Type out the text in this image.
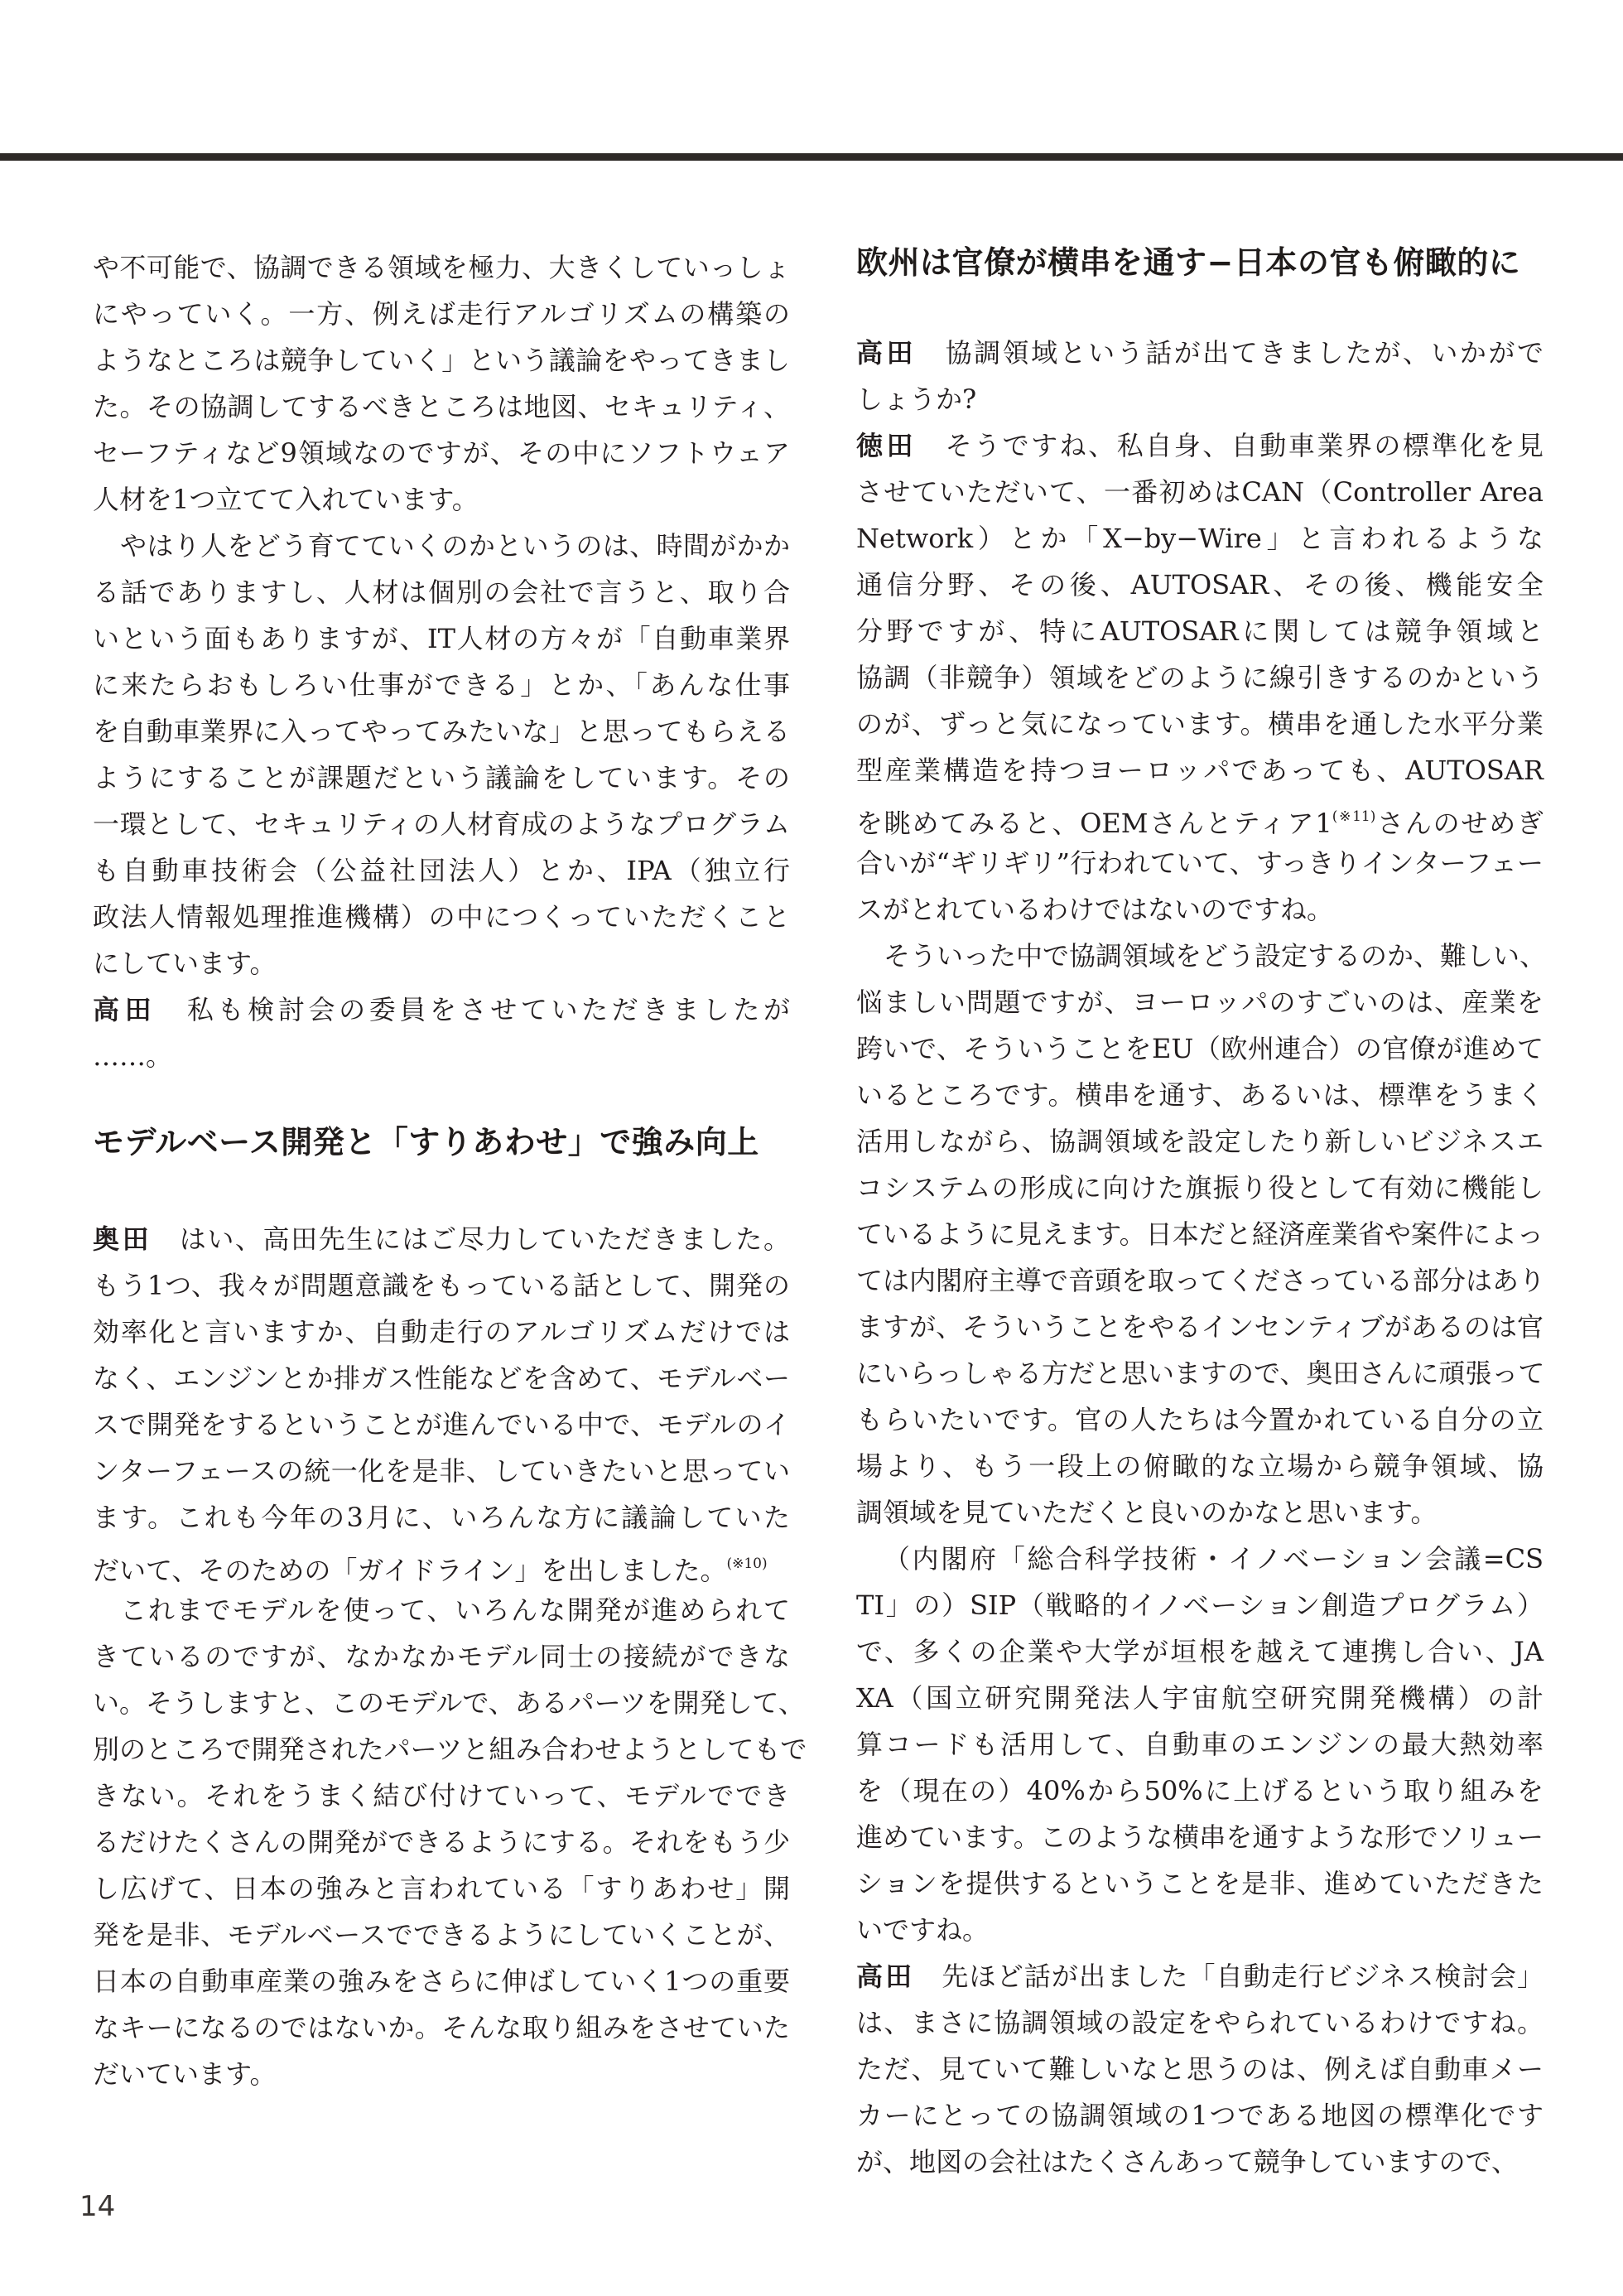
や不可能で、協調できる領域を極力、大きくしていっしょ
にやっていく。一方、例えば走行アルゴリズムの構築の
ようなところは競争していく」という議論をやってきまし
た。その協調してするべきところは地図、セキュリティ、
セーフティなど9領域なのですが、その中にソフトウェア
人材を1つ立てて入れています。
やはり人をどう育てていくのかというのは、時間がかか
る話でありますし、人材は個別の会社で言うと、取り合
いという面もありますが、IT人材の方々が「自動車業界
に来たらおもしろい仕事ができる」とか、「あんな仕事
を自動車業界に入ってやってみたいな」と思ってもらえる
ようにすることが課題だという議論をしています。その
一環として、セキュリティの人材育成のようなプログラム
も自動車技術会（公益社団法人）とか、IPA（独立行
政法人情報処理推進機構）の中につくっていただくこと
にしています。
高田　私も検討会の委員をさせていただきましたが
……。
モデルベース開発と「すりあわせ」で強み向上
奥田　はい、高田先生にはご尽力していただきました。
もう1つ、我々が問題意識をもっている話として、開発の
効率化と言いますか、自動走行のアルゴリズムだけでは
なく、エンジンとか排ガス性能などを含めて、モデルベー
スで開発をするということが進んでいる中で、モデルのイ
ンターフェースの統一化を是非、していきたいと思ってい
ます。これも今年の3月に、いろんな方に議論していた
だいて、そのための「ガイドライン」を出しました。$^{(※10)}$
これまでモデルを使って、いろんな開発が進められて
きているのですが、なかなかモデル同士の接続ができな
い。そうしますと、このモデルで、あるパーツを開発して、
別のところで開発されたパーツと組み合わせようとしてもで
きない。それをうまく結び付けていって、モデルででき
るだけたくさんの開発ができるようにする。それをもう少
し広げて、日本の強みと言われている「すりあわせ」開
発を是非、モデルベースでできるようにしていくことが、
日本の自動車産業の強みをさらに伸ばしていく1つの重要
なキーになるのではないか。そんな取り組みをさせていた
だいています。
欧州は官僚が横串を通す−日本の官も俯瞰的に
高田　協調領域という話が出てきましたが、いかがで
しょうか?
徳田　そうですね、私自身、自動車業界の標準化を見
させていただいて、一番初めはCAN（Controller Area
Network）とか「X−by−Wire」と言われるような
通信分野、その後、AUTOSAR、その後、機能安全
分野ですが、特にAUTOSARに関しては競争領域と
協調（非競争）領域をどのように線引きするのかという
のが、ずっと気になっています。横串を通した水平分業
型産業構造を持つヨーロッパであっても、AUTOSAR
を眺めてみると、OEMさんとティア1$^{(※11)}$さんのせめぎ
合いが“ギリギリ”行われていて、すっきりインターフェー
スがとれているわけではないのですね。
そういった中で協調領域をどう設定するのか、難しい、
悩ましい問題ですが、ヨーロッパのすごいのは、産業を
跨いで、そういうことをEU（欧州連合）の官僚が進めて
いるところです。横串を通す、あるいは、標準をうまく
活用しながら、協調領域を設定したり新しいビジネスエ
コシステムの形成に向けた旗振り役として有効に機能し
ているように見えます。日本だと経済産業省や案件によっ
ては内閣府主導で音頭を取ってくださっている部分はあり
ますが、そういうことをやるインセンティブがあるのは官
にいらっしゃる方だと思いますので、奥田さんに頑張って
もらいたいです。官の人たちは今置かれている自分の立
場より、もう一段上の俯瞰的な立場から競争領域、協
調領域を見ていただくと良いのかなと思います。
（内閣府「総合科学技術・イノベーション会議=CS
TI」の）SIP（戦略的イノベーション創造プログラム）
で、多くの企業や大学が垣根を越えて連携し合い、JA
XA（国立研究開発法人宇宙航空研究開発機構）の計
算コードも活用して、自動車のエンジンの最大熱効率
を（現在の）40%から50%に上げるという取り組みを
進めています。このような横串を通すような形でソリュー
ションを提供するということを是非、進めていただきた
いですね。
高田　先ほど話が出ました「自動走行ビジネス検討会」
は、まさに協調領域の設定をやられているわけですね。
ただ、見ていて難しいなと思うのは、例えば自動車メー
カーにとっての協調領域の1つである地図の標準化です
が、地図の会社はたくさんあって競争していますので、
14
